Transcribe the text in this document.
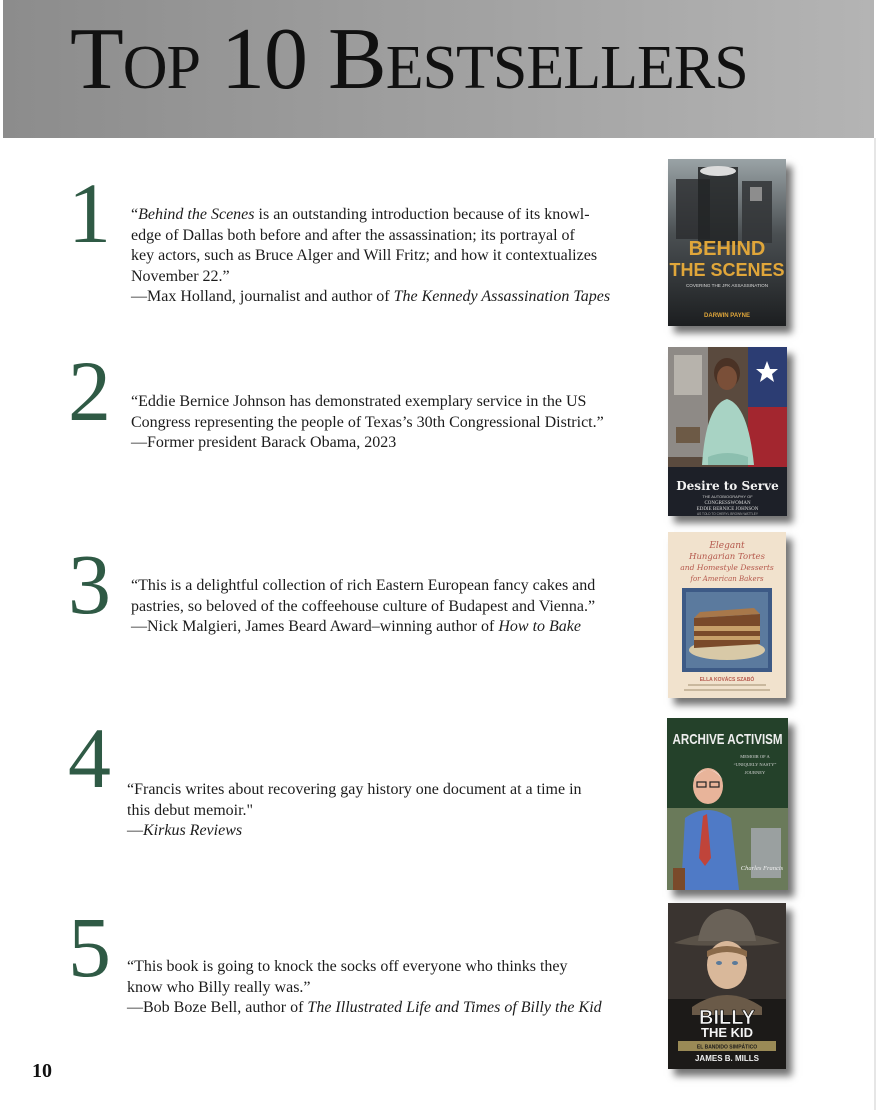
Top 10 Bestsellers
1 “Behind the Scenes is an outstanding introduction because of its knowl-
edge of Dallas both before and after the assassination; its portrayal of
key actors, such as Bruce Alger and Will Fritz; and how it contextualizes
November 22.”
—Max Holland, journalist and author of The Kennedy Assassination Tapes
BEHIND
THE SCENES
COVERING THE JFK ASSASSINATION
DARWIN PAYNE
2 “Eddie Bernice Johnson has demonstrated exemplary service in the US
Congress representing the people of Texas’s 30th Congressional District.”
—Former president Barack Obama, 2023
Desire to Serve
THE AUTOBIOGRAPHY OF
CONGRESSWOMAN
EDDIE BERNICE JOHNSON
AS TOLD TO CHERYL BROWN WATTLEY
3 “This is a delightful collection of rich Eastern European fancy cakes and
pastries, so beloved of the coffeehouse culture of Budapest and Vienna.”
—Nick Malgieri, James Beard Award–winning author of How to Bake
Elegant
Hungarian Tortes
and Homestyle Desserts
for American Bakers
ELLA KOVÁCS SZABÓ
4 “Francis writes about recovering gay history one document at a time in
this debut memoir."
—Kirkus Reviews
ARCHIVE ACTIVISM
MEMOIR OF A
“UNIQUELY NASTY”
JOURNEY
Charles Francis
5 “This book is going to knock the socks off everyone who thinks they
know who Billy really was.”
—Bob Boze Bell, author of The Illustrated Life and Times of Billy the Kid	BILLY
THE KID
EL BANDIDO SIMPÁTICO
JAMES B. MILLS
10
